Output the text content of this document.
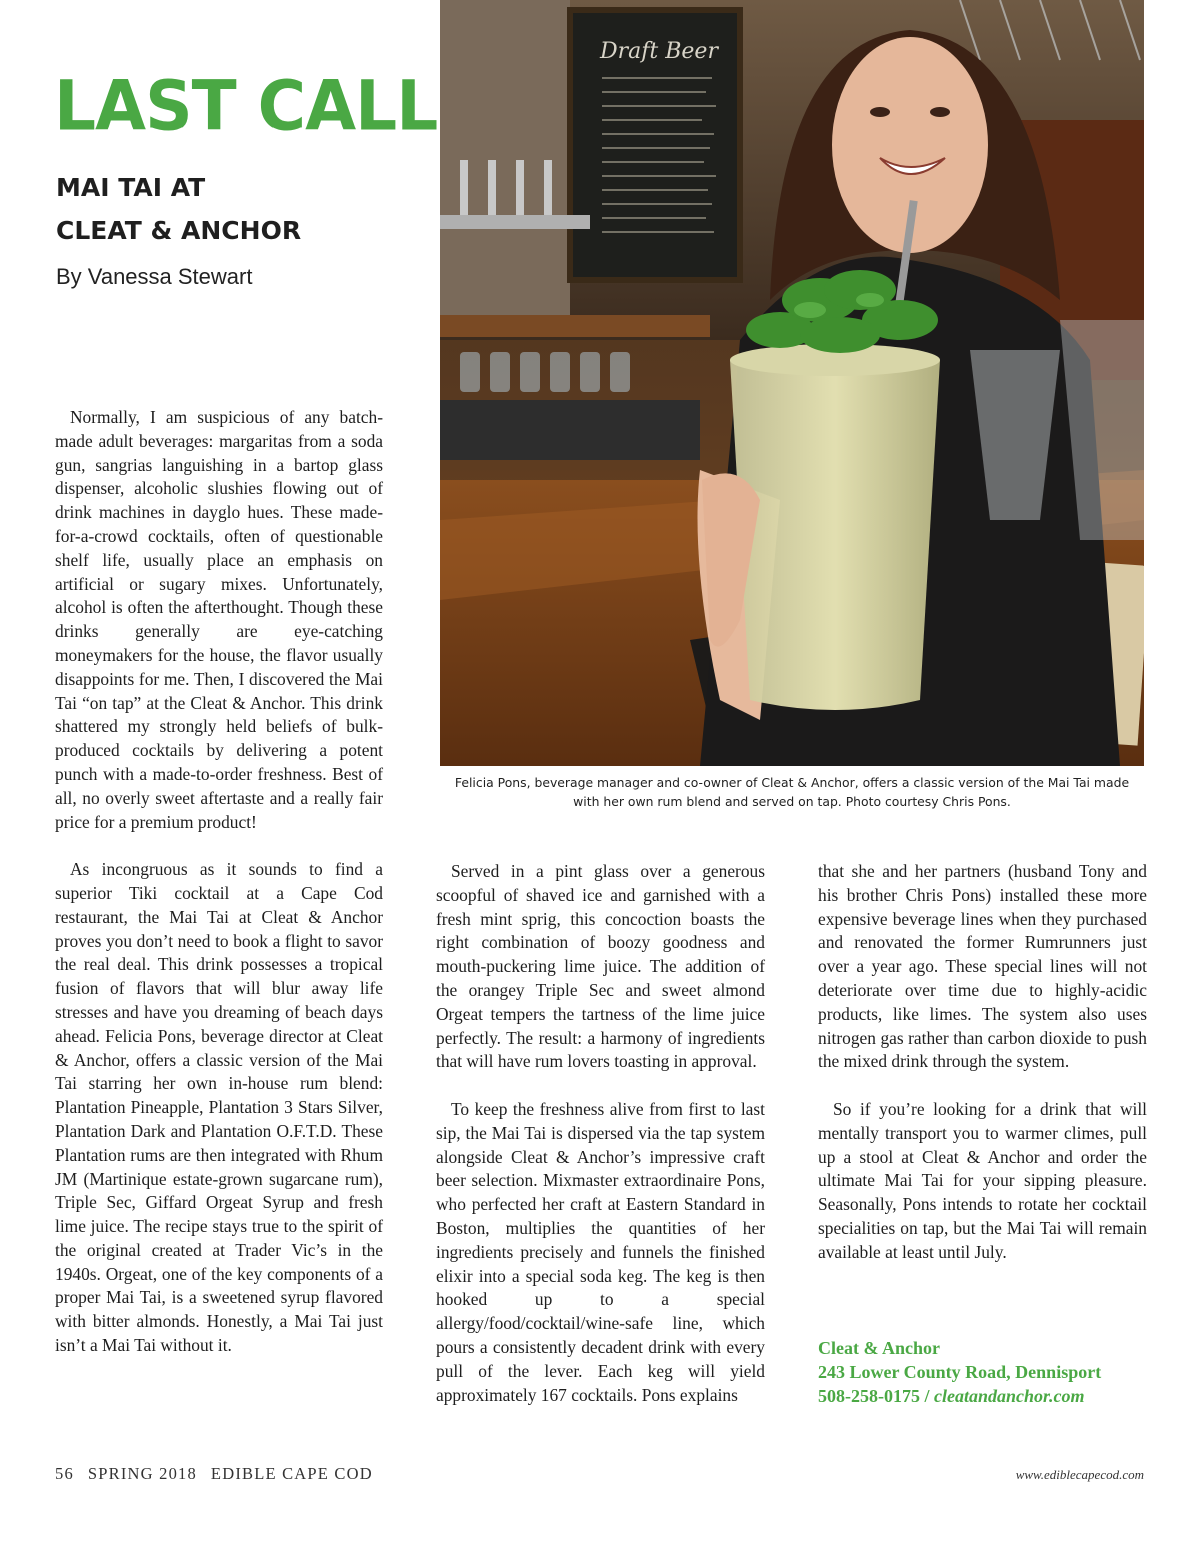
LAST CALL
MAI TAI AT
CLEAT & ANCHOR
By Vanessa Stewart
Draft Beer
Felicia Pons, beverage manager and co-owner of Cleat & Anchor, offers a classic version of the Mai Tai made with her own rum blend and served on tap. Photo courtesy Chris Pons.

Normally, I am suspicious of any batch-made adult beverages: margaritas from a soda gun, sangrias languishing in a bartop glass dispenser, alcoholic slushies flowing out of drink machines in dayglo hues. These made-for-a-crowd cocktails, often of questionable shelf life, usually place an emphasis on artificial or sugary mixes. Unfortunately, alcohol is often the afterthought. Though these drinks generally are eye-catching moneymakers for the house, the flavor usually disappoints for me. Then, I discovered the Mai Tai “on tap” at the Cleat & Anchor. This drink shattered my strongly held beliefs of bulk-produced cocktails by delivering a potent punch with a made-to-order freshness. Best of all, no overly sweet aftertaste and a really fair price for a premium product!

As incongruous as it sounds to find a superior Tiki cocktail at a Cape Cod restaurant, the Mai Tai at Cleat & Anchor proves you don’t need to book a flight to savor the real deal. This drink possesses a tropical fusion of flavors that will blur away life stresses and have you dreaming of beach days ahead. Felicia Pons, beverage director at Cleat & Anchor, offers a classic version of the Mai Tai starring her own in-house rum blend: Plantation Pineapple, Plantation 3 Stars Silver, Plantation Dark and Plantation O.F.T.D. These Plantation rums are then integrated with Rhum JM (Martinique estate-grown sugarcane rum), Triple Sec, Giffard Orgeat Syrup and fresh lime juice. The recipe stays true to the spirit of the original created at Trader Vic’s in the 1940s. Orgeat, one of the key components of a proper Mai Tai, is a sweetened syrup flavored with bitter almonds. Honestly, a Mai Tai just isn’t a Mai Tai without it.

Served in a pint glass over a generous scoopful of shaved ice and garnished with a fresh mint sprig, this concoction boasts the right combination of boozy goodness and mouth-puckering lime juice. The addition of the orangey Triple Sec and sweet almond Orgeat tempers the tartness of the lime juice perfectly. The result: a harmony of ingredients that will have rum lovers toasting in approval.

To keep the freshness alive from first to last sip, the Mai Tai is dispersed via the tap system alongside Cleat & Anchor’s impressive craft beer selection. Mixmaster extraordinaire Pons, who perfected her craft at Eastern Standard in Boston, multiplies the quantities of her ingredients precisely and funnels the finished elixir into a special soda keg. The keg is then hooked up to a special allergy/food/cocktail/wine-safe line, which pours a consistently decadent drink with every pull of the lever. Each keg will yield approximately 167 cocktails. Pons explains

that she and her partners (husband Tony and his brother Chris Pons) installed these more expensive beverage lines when they purchased and renovated the former Rumrunners just over a year ago. These special lines will not deteriorate over time due to highly-acidic products, like limes. The system also uses nitrogen gas rather than carbon dioxide to push the mixed drink through the system.

So if you’re looking for a drink that will mentally transport you to warmer climes, pull up a stool at Cleat & Anchor and order the ultimate Mai Tai for your sipping pleasure. Seasonally, Pons intends to rotate her cocktail specialities on tap, but the Mai Tai will remain available at least until July.

Cleat & Anchor
243 Lower County Road, Dennisport
508-258-0175 / cleatandanchor.com
56 SPRING 2018 EDIBLE CAPE COD	www.ediblecapecod.com
